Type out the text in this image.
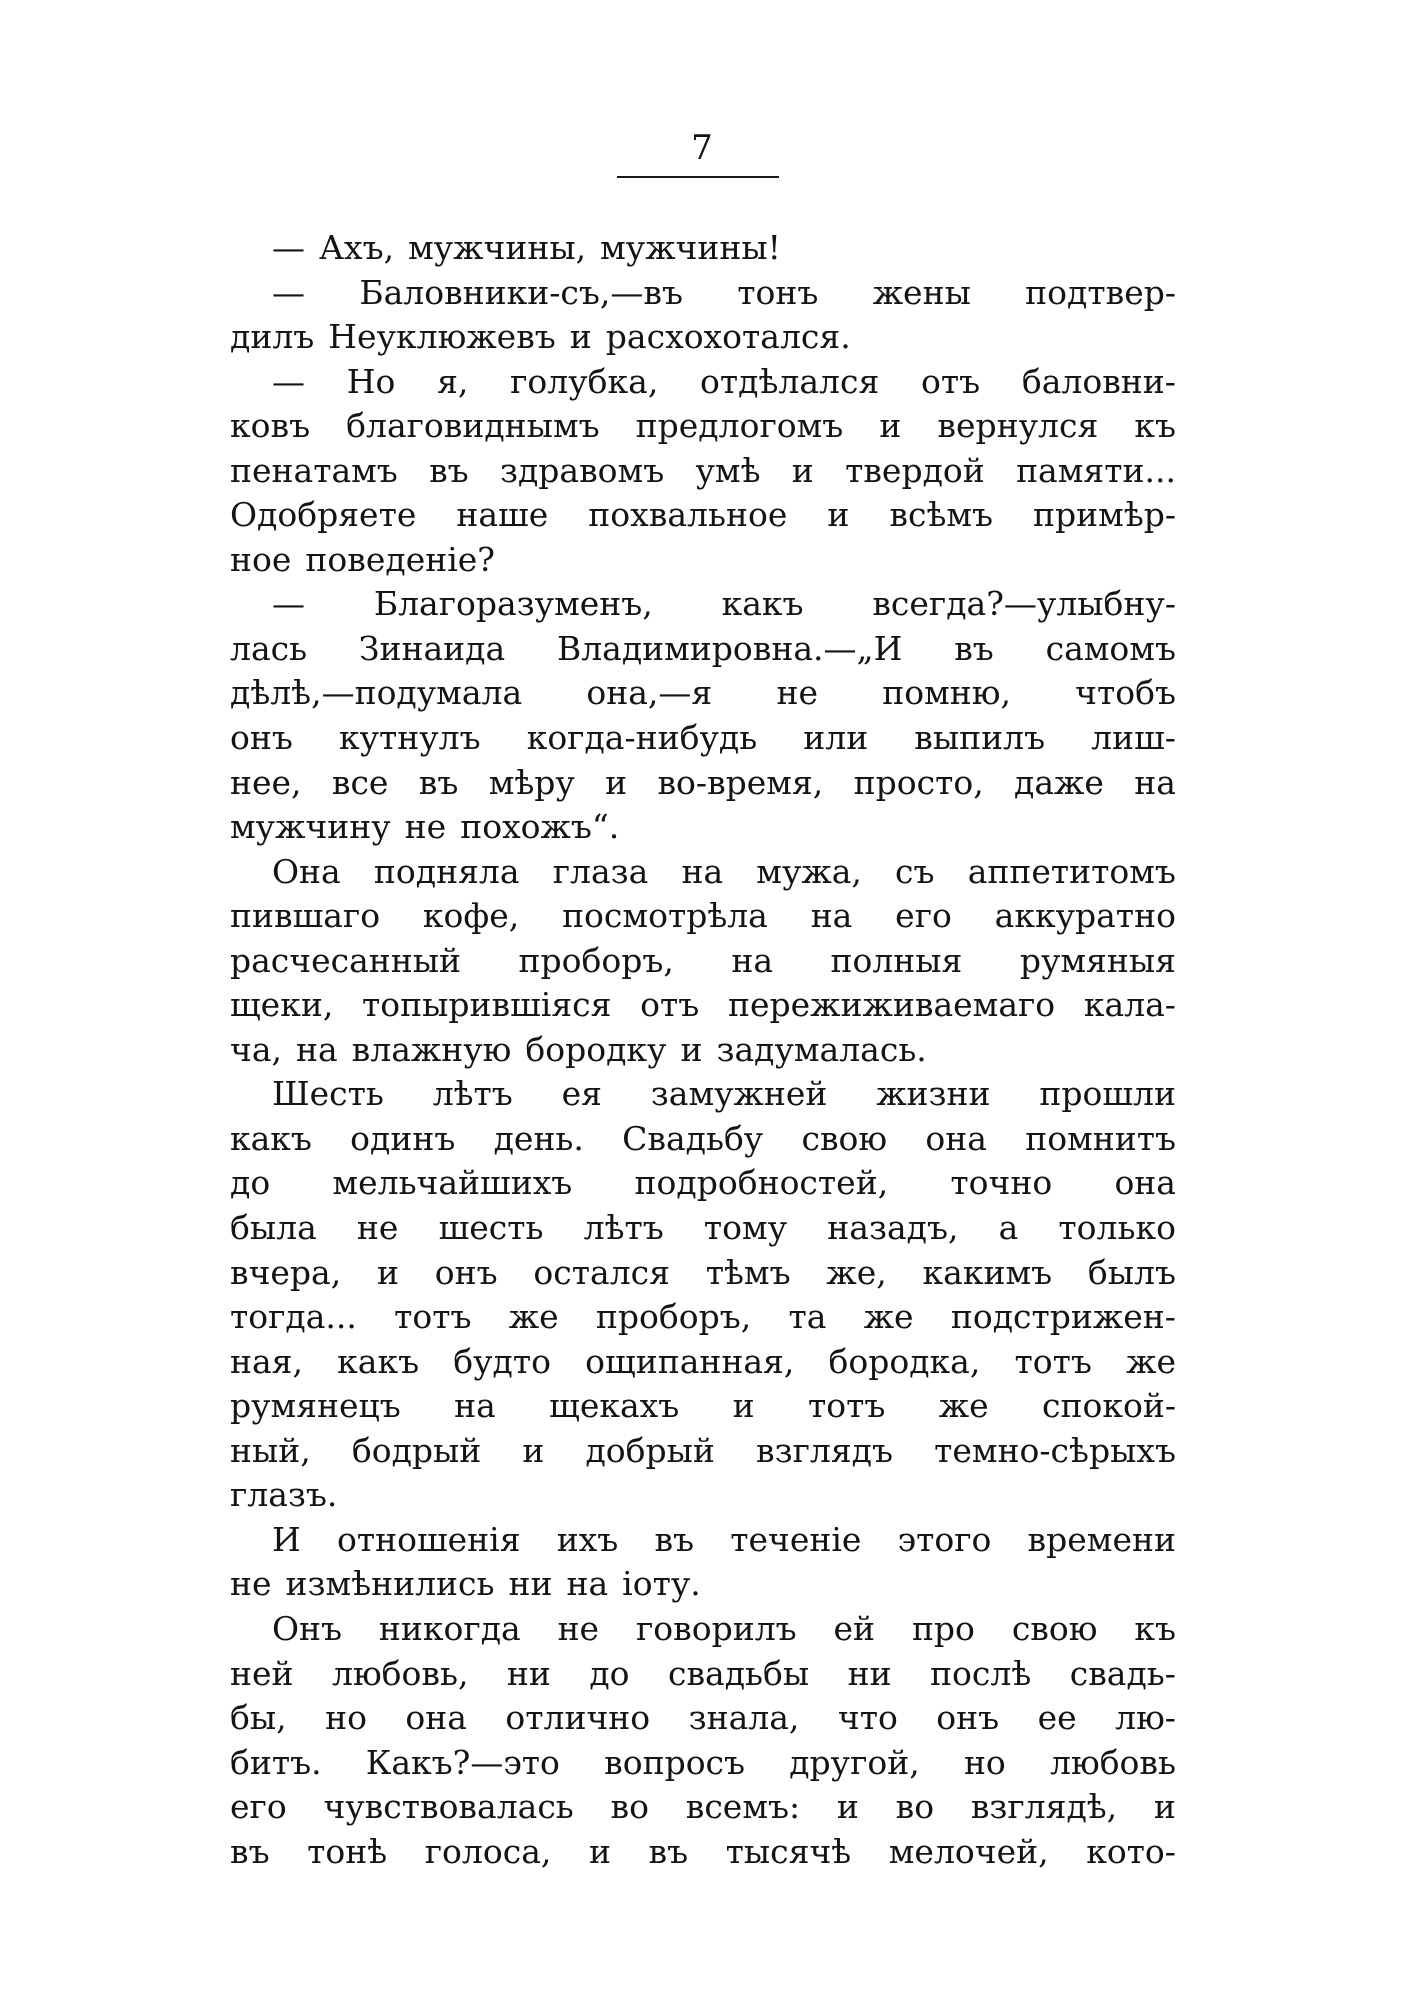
7
— Ахъ, мужчины, мужчины!
— Баловники-съ,—въ тонъ жены подтвер-
дилъ Неуклюжевъ и расхохотался.
— Но я, голубка, отдѣлался отъ баловни-
ковъ благовиднымъ предлогомъ и вернулся къ
пенатамъ въ здравомъ умѣ и твердой памяти...
Одобряете наше похвальное и всѣмъ примѣр-
ное поведеніе?
— Благоразуменъ, какъ всегда?—улыбну-
лась Зинаида Владимировна.—„И въ самомъ
дѣлѣ,—подумала она,—я не помню, чтобъ
онъ кутнулъ когда-нибудь или выпилъ лиш-
нее, все въ мѣру и во-время, просто, даже на
мужчину не похожъ“.
Она подняла глаза на мужа, съ аппетитомъ
пившаго кофе, посмотрѣла на его аккуратно
расчесанный проборъ, на полныя румяныя
щеки, топырившіяся отъ пережиживаемаго кала-
ча, на влажную бородку и задумалась.
Шесть лѣтъ ея замужней жизни прошли
какъ одинъ день. Свадьбу свою она помнитъ
до мельчайшихъ подробностей, точно она
была не шесть лѣтъ тому назадъ, а только
вчера, и онъ остался тѣмъ же, какимъ былъ
тогда... тотъ же проборъ, та же подстрижен-
ная, какъ будто ощипанная, бородка, тотъ же
румянецъ на щекахъ и тотъ же спокой-
ный, бодрый и добрый взглядъ темно-сѣрыхъ
глазъ.
И отношенія ихъ въ теченіе этого времени
не измѣнились ни на іоту.
Онъ никогда не говорилъ ей про свою къ
ней любовь, ни до свадьбы ни послѣ свадь-
бы, но она отлично знала, что онъ ее лю-
битъ. Какъ?—это вопросъ другой, но любовь
его чувствовалась во всемъ: и во взглядѣ, и
въ тонѣ голоса, и въ тысячѣ мелочей, кото-
